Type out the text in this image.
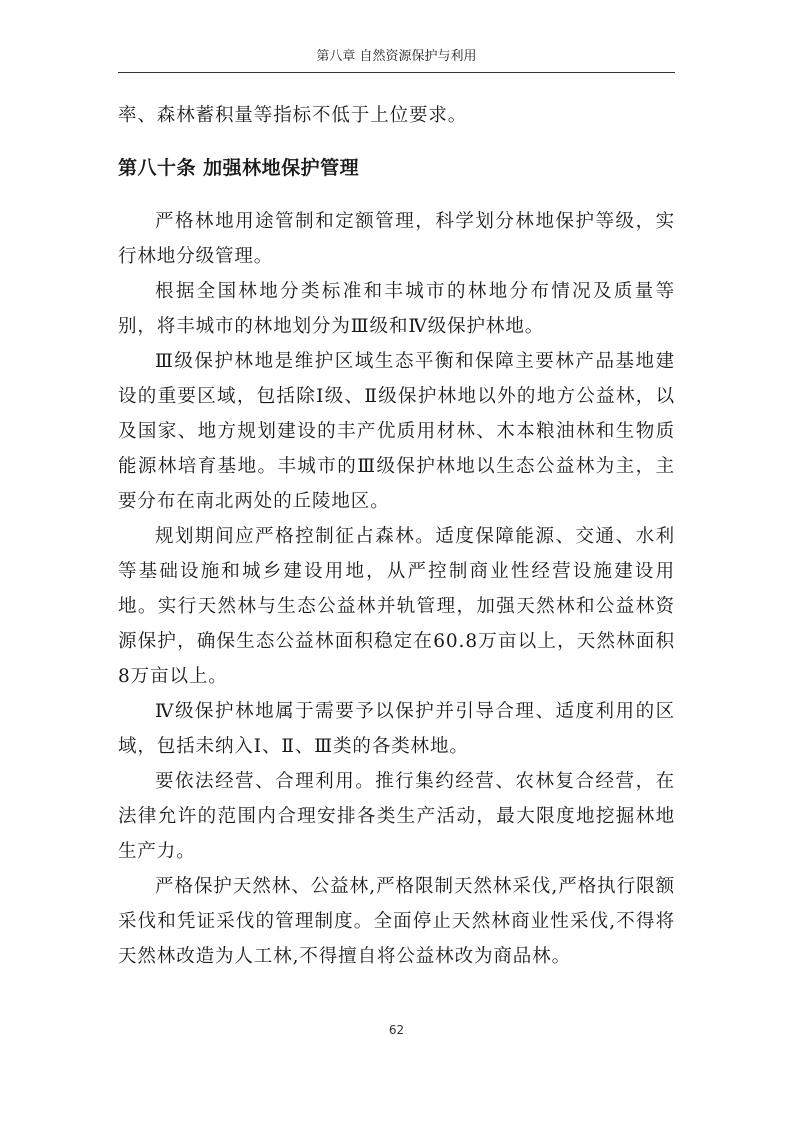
第八章 自然资源保护与利用

率、森林蓄积量等指标不低于上位要求。

第八十条 加强林地保护管理

严格林地用途管制和定额管理，科学划分林地保护等级，实行林地分级管理。

根据全国林地分类标准和丰城市的林地分布情况及质量等别，将丰城市的林地划分为Ⅲ级和Ⅳ级保护林地。

Ⅲ级保护林地是维护区域生态平衡和保障主要林产品基地建设的重要区域，包括除Ⅰ级、Ⅱ级保护林地以外的地方公益林，以及国家、地方规划建设的丰产优质用材林、木本粮油林和生物质能源林培育基地。丰城市的Ⅲ级保护林地以生态公益林为主，主要分布在南北两处的丘陵地区。

规划期间应严格控制征占森林。适度保障能源、交通、水利等基础设施和城乡建设用地，从严控制商业性经营设施建设用地。实行天然林与生态公益林并轨管理，加强天然林和公益林资源保护，确保生态公益林面积稳定在60.8万亩以上，天然林面积8万亩以上。

Ⅳ级保护林地属于需要予以保护并引导合理、适度利用的区域，包括未纳入Ⅰ、Ⅱ、Ⅲ类的各类林地。

要依法经营、合理利用。推行集约经营、农林复合经营，在法律允许的范围内合理安排各类生产活动，最大限度地挖掘林地生产力。

严格保护天然林、公益林,严格限制天然林采伐,严格执行限额采伐和凭证采伐的管理制度。全面停止天然林商业性采伐,不得将天然林改造为人工林,不得擅自将公益林改为商品林。

62
